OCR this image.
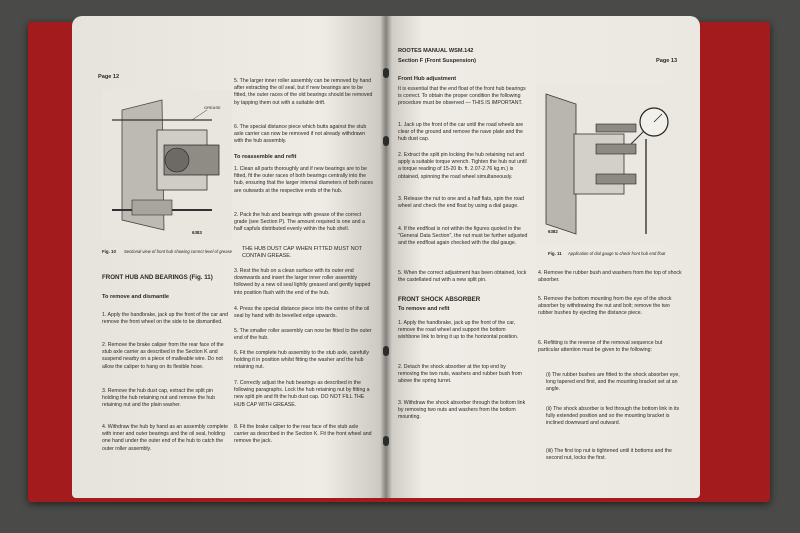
Page 12
GREASE
6383
Fig. 10 Sectional view of front hub showing correct level of grease
FRONT HUB AND BEARINGS (Fig. 11)
To remove and dismantle
1. Apply the handbrake, jack up the front of the car and remove the front wheel on the side to be dismantled.
2. Remove the brake caliper from the rear face of the stub axle carrier as described in the Section K and suspend nearby on a piece of malleable wire. Do not allow the caliper to hang on its flexible hose.
3. Remove the hub dust cap, extract the split pin holding the hub retaining nut and remove the hub retaining nut and the plain washer.
4. Withdraw the hub by hand as an assembly complete with inner and outer bearings and the oil seal, holding one hand under the outer end of the hub to catch the outer roller assembly.
5. The larger inner roller assembly can be removed by hand after extracting the oil seal, but if new bearings are to be fitted, the outer races of the old bearings should be removed by tapping them out with a suitable drift.
6. The special distance piece which butts against the stub axle carrier can now be removed if not already withdrawn with the hub assembly.
To reassemble and refit
1. Clean all parts thoroughly and if new bearings are to be fitted, fit the outer races of both bearings centrally into the hub, ensuring that the larger internal diameters of both races are outwards at the respective ends of the hub.
2. Pack the hub and bearings with grease of the correct grade (see Section P). The amount required is one and a half capfuls distributed evenly within the hub shell.
THE HUB DUST CAP WHEN FITTED MUST NOT CONTAIN GREASE.
3. Rest the hub on a clean surface with its outer end downwards and insert the larger inner roller assembly followed by a new oil seal lightly greased and gently tapped into position flush with the end of the hub.
4. Press the special distance piece into the centre of the oil seal by hand with its bevelled edge upwards.
5. The smaller roller assembly can now be fitted to the outer end of the hub.
6. Fit the complete hub assembly to the stub axle, carefully holding it in position whilst fitting the washer and the hub retaining nut.
7. Correctly adjust the hub bearings as described in the following paragraphs. Lock the hub retaining nut by fitting a new split pin and fit the hub dust cap. DO NOT FILL THE HUB CAP WITH GREASE.
8. Fit the brake caliper to the rear face of the stub axle carrier as described in the Section K. Fit the front wheel and remove the jack.
ROOTES MANUAL WSM.142
Section F (Front Suspension)	Page 13
Front Hub adjustment
It is essential that the end float of the front hub bearings is correct. To obtain the proper condition the following procedure must be observed — THIS IS IMPORTANT.
1. Jack up the front of the car until the road wheels are clear of the ground and remove the nave plate and the hub dust cap.
2. Extract the split pin locking the hub retaining nut and apply a suitable torque wrench. Tighten the hub nut until a torque reading of 15-20 lb. ft. 2.07-2.76 kg.m.) is obtained, spinning the road wheel simultaneously.
3. Release the nut to one and a half flats, spin the road wheel and check the end float by using a dial gauge.
4. If the endfloat is not within the figures quoted in the "General Data Section", the nut must be further adjusted and the endfloat again checked with the dial gauge.
5. When the correct adjustment has been obtained, lock the castellated nut with a new split pin.
FRONT SHOCK ABSORBER
To remove and refit
1. Apply the handbrake, jack up the front of the car, remove the road wheel and support the bottom wishbone link to bring it up to the horizontal position.
2. Detach the shock absorber at the top end by removing the two nuts, washers and rubber bush from above the spring turret.
3. Withdraw the shock absorber through the bottom link by removing two nuts and washers from the bottom mounting.
6382
Fig. 11 Application of dial gauge to check front hub end float
4. Remove the rubber bush and washers from the top of shock absorber.
5. Remove the bottom mounting from the eye of the shock absorber by withdrawing the nut and bolt; remove the two rubber bushes by ejecting the distance piece.
6. Refitting is the reverse of the removal sequence but particular attention must be given to the following:
(i) The rubber bushes are fitted to the shock absorber eye, long tapered end first, and the mounting bracket set at an angle.
(ii) The shock absorber is fed through the bottom link in its fully extended position and so the mounting bracket is inclined downward and outward.
(iii) The first top nut is tightened until it bottoms and the second nut, locks the first.
